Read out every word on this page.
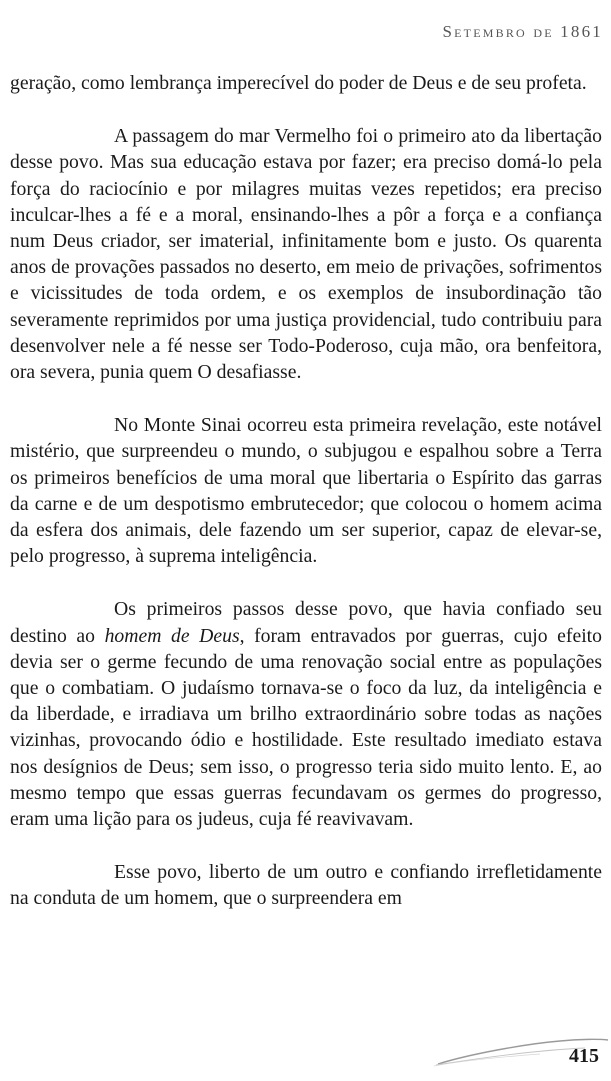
Setembro de 1861

geração, como lembrança imperecível do poder de Deus e de seu profeta.

A passagem do mar Vermelho foi o primeiro ato da libertação desse povo. Mas sua educação estava por fazer; era preciso domá-lo pela força do raciocínio e por milagres muitas vezes repetidos; era preciso inculcar-lhes a fé e a moral, ensinando-lhes a pôr a força e a confiança num Deus criador, ser imaterial, infinitamente bom e justo. Os quarenta anos de provações passados no deserto, em meio de privações, sofrimentos e vicissitudes de toda ordem, e os exemplos de insubordinação tão severamente reprimidos por uma justiça providencial, tudo contribuiu para desenvolver nele a fé nesse ser Todo-Poderoso, cuja mão, ora benfeitora, ora severa, punia quem O desafiasse.

No Monte Sinai ocorreu esta primeira revelação, este notável mistério, que surpreendeu o mundo, o subjugou e espalhou sobre a Terra os primeiros benefícios de uma moral que libertaria o Espírito das garras da carne e de um despotismo embrutecedor; que colocou o homem acima da esfera dos animais, dele fazendo um ser superior, capaz de elevar-se, pelo progresso, à suprema inteligência.

Os primeiros passos desse povo, que havia confiado seu destino ao homem de Deus, foram entravados por guerras, cujo efeito devia ser o germe fecundo de uma renovação social entre as populações que o combatiam. O judaísmo tornava-se o foco da luz, da inteligência e da liberdade, e irradiava um brilho extraordinário sobre todas as nações vizinhas, provocando ódio e hostilidade. Este resultado imediato estava nos desígnios de Deus; sem isso, o progresso teria sido muito lento. E, ao mesmo tempo que essas guerras fecundavam os germes do progresso, eram uma lição para os judeus, cuja fé reavivavam.

Esse povo, liberto de um outro e confiando irrefletidamente na conduta de um homem, que o surpreendera em

415
